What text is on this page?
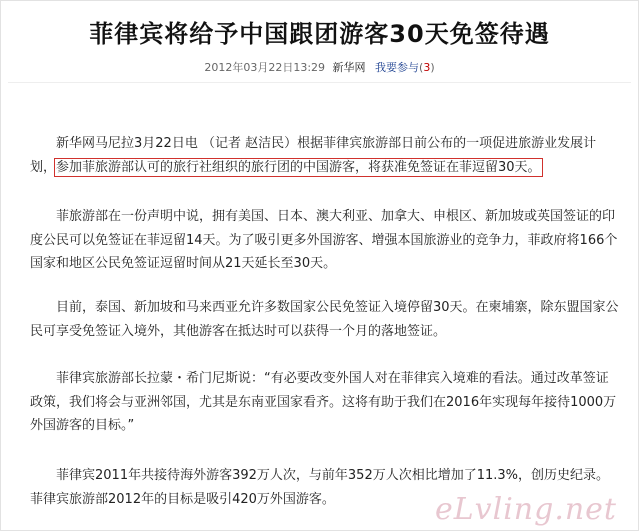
菲律宾将给予中国跟团游客30天免签待遇
2012年03月22日13:29 新华网 我要参与(3)

新华网马尼拉3月22日电 （记者 赵洁民）根据菲律宾旅游部日前公布的一项促进旅游业发展计划，参加菲旅游部认可的旅行社组织的旅行团的中国游客，将获准免签证在菲逗留30天。

菲旅游部在一份声明中说，拥有美国、日本、澳大利亚、加拿大、申根区、新加坡或英国签证的印度公民可以免签证在菲逗留14天。为了吸引更多外国游客、增强本国旅游业的竞争力，菲政府将166个国家和地区公民免签证逗留时间从21天延长至30天。

目前，泰国、新加坡和马来西亚允许多数国家公民免签证入境停留30天。在柬埔寨，除东盟国家公民可享受免签证入境外，其他游客在抵达时可以获得一个月的落地签证。

菲律宾旅游部长拉蒙・希门尼斯说：“有必要改变外国人对在菲律宾入境难的看法。通过改革签证政策，我们将会与亚洲邻国，尤其是东南亚国家看齐。这将有助于我们在2016年实现每年接待1000万外国游客的目标。”

菲律宾2011年共接待海外游客392万人次，与前年352万人次相比增加了11.3%，创历史纪录。菲律宾旅游部2012年的目标是吸引420万外国游客。	eLvling.net
